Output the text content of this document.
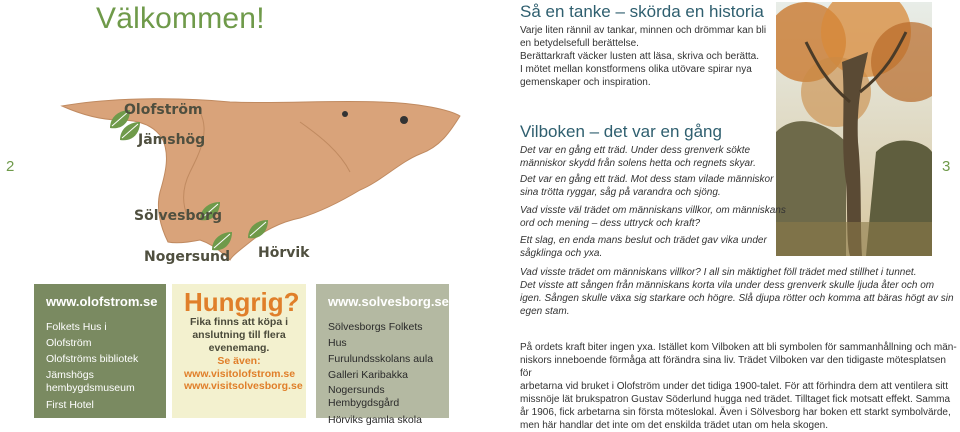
Välkommen!
Olofström
Jämshög
Sölvesborg
Nogersund Hörvik
2	3
www.olofstrom.se
Folkets Hus i Olofström
Olofströms bibliotek
Jämshögs hembygdsmuseum
First Hotel
Hungrig?
Fika finns att köpa i
anslutning till flera
evenemang.
Se även:
www.visitolofstrom.se
www.visitsolvesborg.se
www.solvesborg.se
Sölvesborgs Folkets Hus
Furulundsskolans aula
Galleri Karibakka
Nogersunds Hembygdsgård
Hörviks gamla skola
Så en tanke – skörda en historia
Varje liten rännil av tankar, minnen och drömmar kan bli
en betydelsefull berättelse.
Berättarkraft väcker lusten att läsa, skriva och berätta.
I mötet mellan konstformens olika utövare spirar nya
gemenskaper och inspiration.
Vilboken – det var en gång
Det var en gång ett träd. Under dess grenverk sökte
människor skydd från solens hetta och regnets skyar.
Det var en gång ett träd. Mot dess stam vilade människor
sina trötta ryggar, såg på varandra och sjöng.
Vad visste väl trädet om människans villkor, om människans
ord och mening – dess uttryck och kraft?
Ett slag, en enda mans beslut och trädet gav vika under
sågklinga och yxa.
Vad visste trädet om människans villkor? I all sin mäktighet föll trädet med stillhet i tunnet.
Det visste att sången från människans korta vila under dess grenverk skulle ljuda åter och om
igen. Sången skulle växa sig starkare och högre. Slå djupa rötter och komma att bäras högt av sin
egen stam.
På ordets kraft biter ingen yxa. Istället kom Vilboken att bli symbolen för sammanhållning och män-
niskors inneboende förmåga att förändra sina liv. Trädet Vilboken var den tidigaste mötesplatsen för
arbetarna vid bruket i Olofström under det tidiga 1900-talet. För att förhindra dem att ventilera sitt
missnöje lät brukspatron Gustav Söderlund hugga ned trädet. Tilltaget fick motsatt effekt. Samma
år 1906, fick arbetarna sin första möteslokal. Även i Sölvesborg har boken ett starkt symbolvärde,
men här handlar det inte om det enskilda trädet utan om hela skogen.
